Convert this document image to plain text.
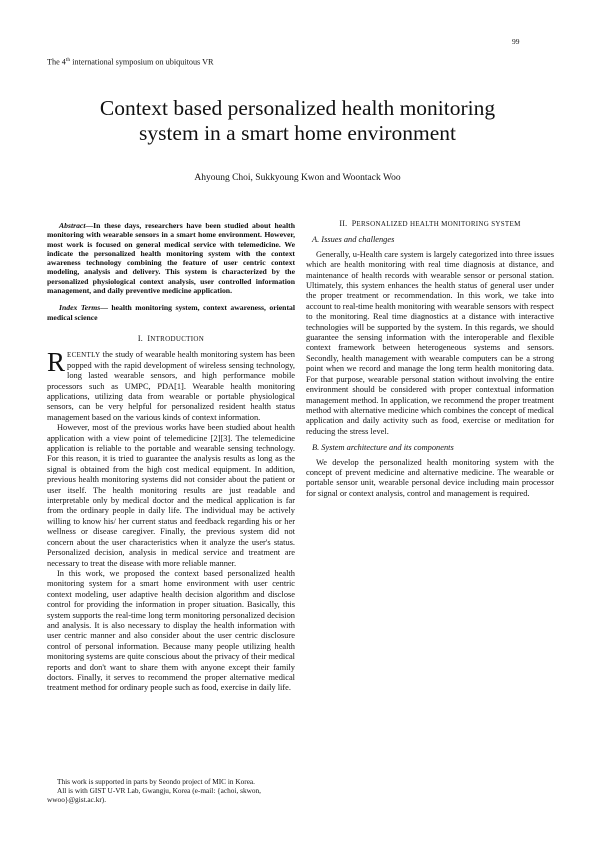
99
The 4th international symposium on ubiquitous VR
Context based personalized health monitoring
system in a smart home environment
Ahyoung Choi, Sukkyoung Kwon and Woontack Woo

Abstract—In these days, researchers have been studied about health monitoring with wearable sensors in a smart home environment. However, most work is focused on general medical service with telemedicine. We indicate the personalized health monitoring system with the context awareness technology combining the feature of user centric context modeling, analysis and delivery. This system is characterized by the personalized physiological context analysis, user controlled information management, and daily preventive medicine application.

Index Terms— health monitoring system, context awareness, oriental medical science

I. INTRODUCTION

RECENTLY the study of wearable health monitoring system has been popped with the rapid development of wireless sensing technology, long lasted wearable sensors, and high performance mobile processors such as UMPC, PDA[1]. Wearable health monitoring applications, utilizing data from wearable or portable physiological sensors, can be very helpful for personalized resident health status management based on the various kinds of context information.

However, most of the previous works have been studied about health application with a view point of telemedicine [2][3]. The telemedicine application is reliable to the portable and wearable sensing technology. For this reason, it is tried to guarantee the analysis results as long as the signal is obtained from the high cost medical equipment. In addition, previous health monitoring systems did not consider about the patient or user itself. The health monitoring results are just readable and interpretable only by medical doctor and the medical application is far from the ordinary people in daily life. The individual may be actively willing to know his/ her current status and feedback regarding his or her wellness or disease caregiver. Finally, the previous system did not concern about the user characteristics when it analyze the user's status. Personalized decision, analysis in medical service and treatment are necessary to treat the disease with more reliable manner.

In this work, we proposed the context based personalized health monitoring system for a smart home environment with user centric context modeling, user adaptive health decision algorithm and disclose control for providing the information in proper situation. Basically, this system supports the real-time long term monitoring personalized decision and analysis. It is also necessary to display the health information with user centric manner and also consider about the user centric disclosure control of personal information. Because many people utilizing health monitoring systems are quite conscious about the privacy of their medical reports and don't want to share them with anyone except their family doctors. Finally, it serves to recommend the proper alternative medical treatment method for ordinary people such as food, exercise in daily life.

II. PERSONALIZED HEALTH MONITORING SYSTEM

A. Issues and challenges

Generally, u-Health care system is largely categorized into three issues which are health monitoring with real time diagnosis at distance, and maintenance of health records with wearable sensor or personal station. Ultimately, this system enhances the health status of general user under the proper treatment or recommendation. In this work, we take into account to real-time health monitoring with wearable sensors with respect to the monitoring. Real time diagnostics at a distance with interactive technologies will be supported by the system. In this regards, we should guarantee the sensing information with the interoperable and flexible context framework between heterogeneous systems and sensors. Secondly, health management with wearable computers can be a strong point when we record and manage the long term health monitoring data. For that purpose, wearable personal station without involving the entire environment should be considered with proper contextual information management method. In application, we recommend the proper treatment method with alternative medicine which combines the concept of medical application and daily activity such as food, exercise or meditation for reducing the stress level.

B. System architecture and its components

We develop the personalized health monitoring system with the concept of prevent medicine and alternative medicine. The wearable or portable sensor unit, wearable personal device including main processor for signal or context analysis, control and management is required.

This work is supported in parts by Seondo project of MIC in Korea.

All is with GIST U-VR Lab, Gwangju, Korea (e-mail: {achoi, skwon, wwoo}@gist.ac.kr).
